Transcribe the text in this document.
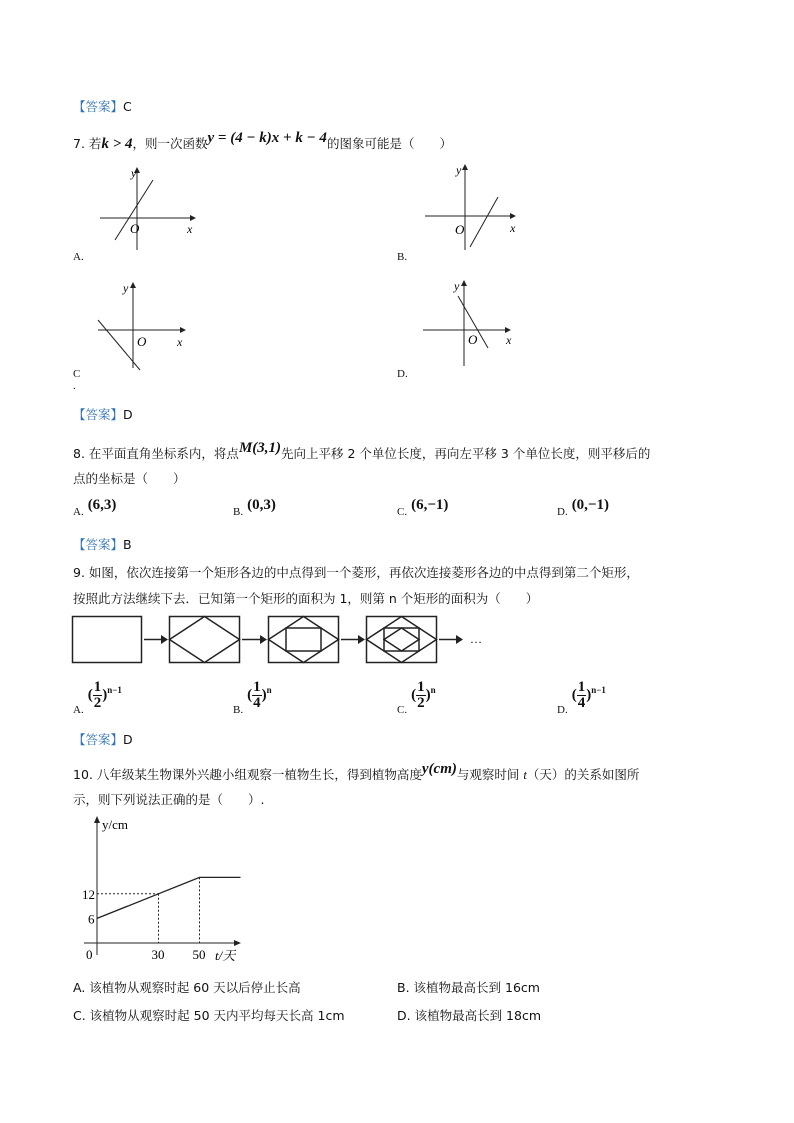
【答案】C
7. 若k > 4，则一次函数y = (4 − k)x + k − 4的图象可能是（　　）
y
x
O
A.
y
x
O
B.
y
x
O
C
.
y
x
O
D.
【答案】D
8. 在平面直角坐标系内，将点M(3,1)先向上平移 2 个单位长度，再向左平移 3 个单位长度，则平移后的
点的坐标是（　　）
A. (6,3)	B. (0,3)	C. (6,−1)	D. (0,−1)
【答案】B
9. 如图，依次连接第一个矩形各边的中点得到一个菱形，再依次连接菱形各边的中点得到第二个矩形，
按照此方法继续下去．已知第一个矩形的面积为 1，则第 n 个矩形的面积为（　　）
…
A. ( $\frac{1}{2} )^{n-1}$
B. ( $\frac{1}{4} )^n$
C. ( $\frac{1}{2} )^n$
D. ( $\frac{1}{4} )^{n-1}$
【答案】D
10. 八年级某生物课外兴趣小组观察一植物生长，得到植物高度y(cm)与观察时间 t（天）的关系如图所
示，则下列说法正确的是（　　）.
y/cm
t/天
0	30 50
6
12
A. 该植物从观察时起 60 天以后停止长高	B. 该植物最高长到 16cm
C. 该植物从观察时起 50 天内平均每天长高 1cm	D. 该植物最高长到 18cm
